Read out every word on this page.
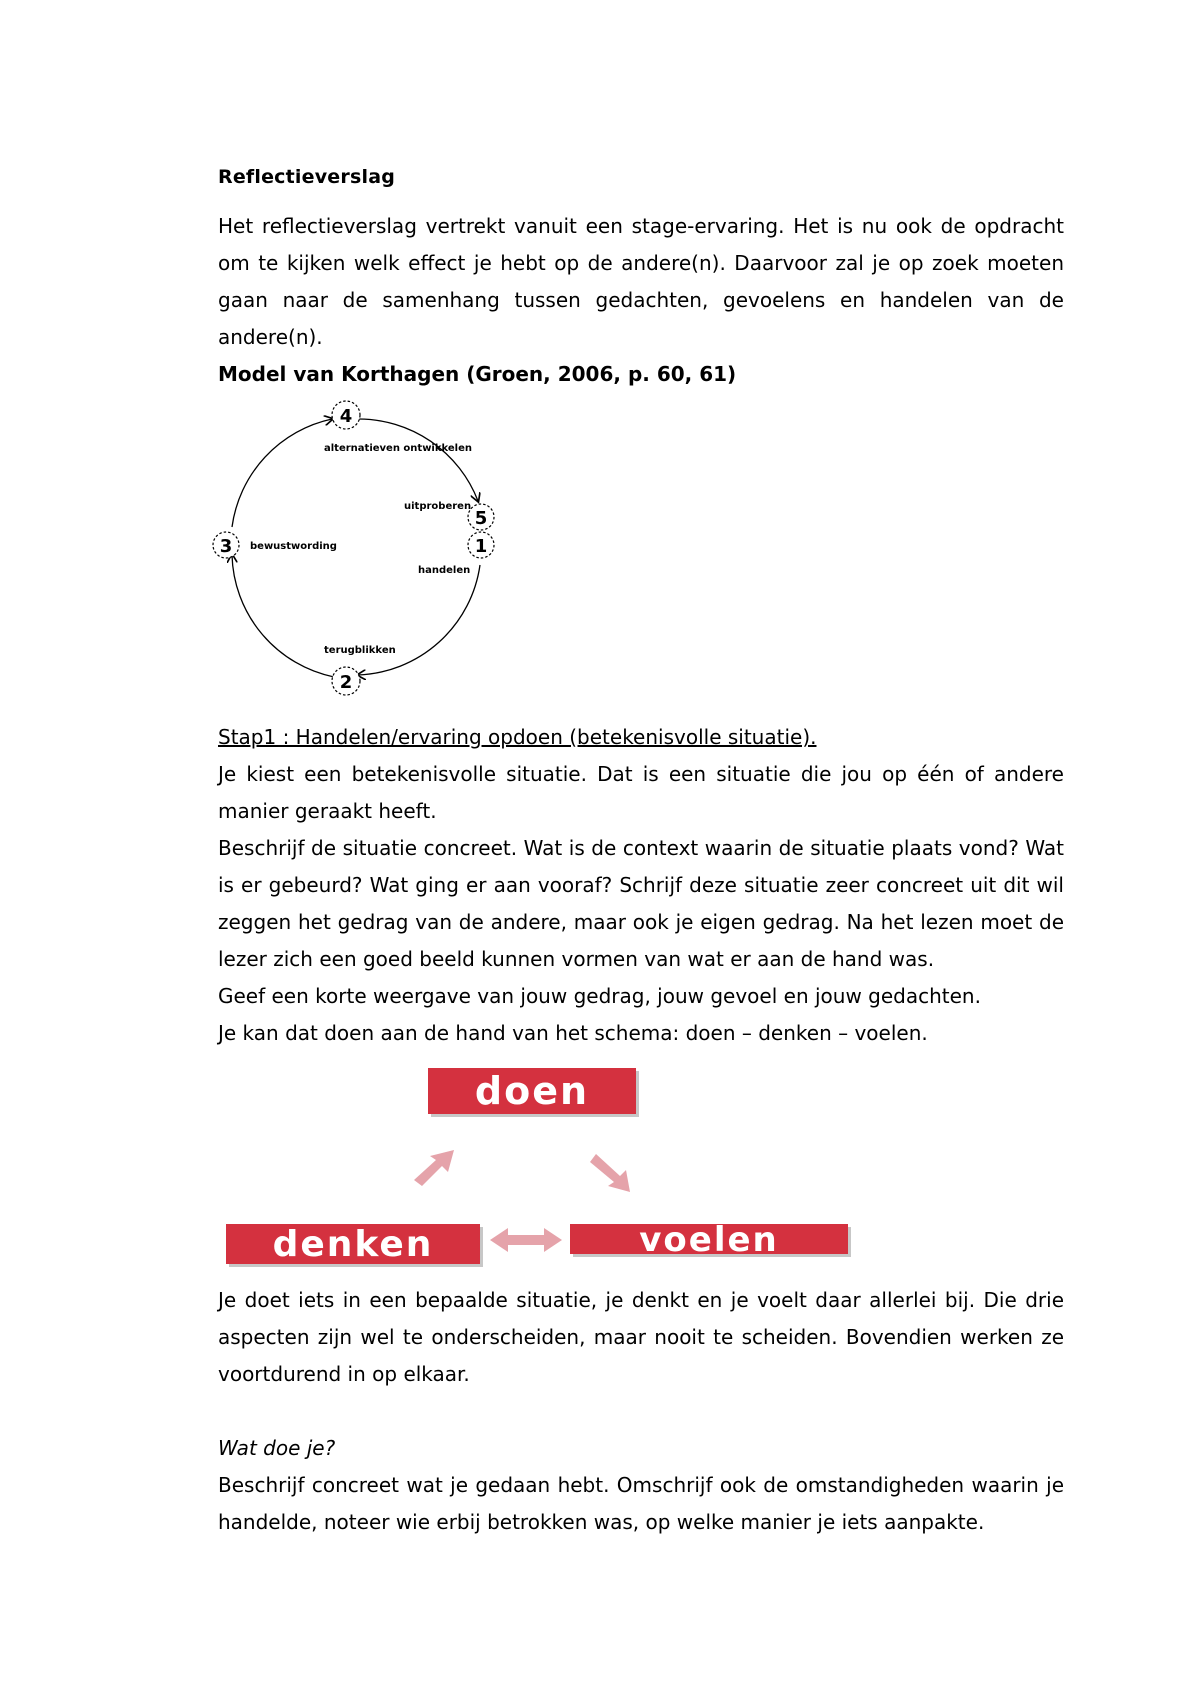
Reflectieverslag

Het reflectieverslag vertrekt vanuit een stage-ervaring. Het is nu ook de opdracht om te kijken welk effect je hebt op de andere(n). Daarvoor zal je op zoek moeten gaan naar de samenhang tussen gedachten, gevoelens en handelen van de andere(n).

Model van Korthagen (Groen, 2006, p. 60, 61)

4
5
1
2
3
alternatieven ontwikkelen
uitproberen
handelen
terugblikken
bewustwording

Stap1 : Handelen/ervaring opdoen (betekenisvolle situatie).

Je kiest een betekenisvolle situatie. Dat is een situatie die jou op één of andere manier geraakt heeft.

Beschrijf de situatie concreet. Wat is de context waarin de situatie plaats vond? Wat is er gebeurd? Wat ging er aan vooraf? Schrijf deze situatie zeer concreet uit dit wil zeggen het gedrag van de andere, maar ook je eigen gedrag. Na het lezen moet de lezer zich een goed beeld kunnen vormen van wat er aan de hand was.

Geef een korte weergave van jouw gedrag, jouw gevoel en jouw gedachten.

Je kan dat doen aan de hand van het schema: doen – denken – voelen.

doen
denken	voelen

Je doet iets in een bepaalde situatie, je denkt en je voelt daar allerlei bij. Die drie aspecten zijn wel te onderscheiden, maar nooit te scheiden. Bovendien werken ze voortdurend in op elkaar.

Wat doe je?

Beschrijf concreet wat je gedaan hebt. Omschrijf ook de omstandigheden waarin je handelde, noteer wie erbij betrokken was, op welke manier je iets aanpakte.
